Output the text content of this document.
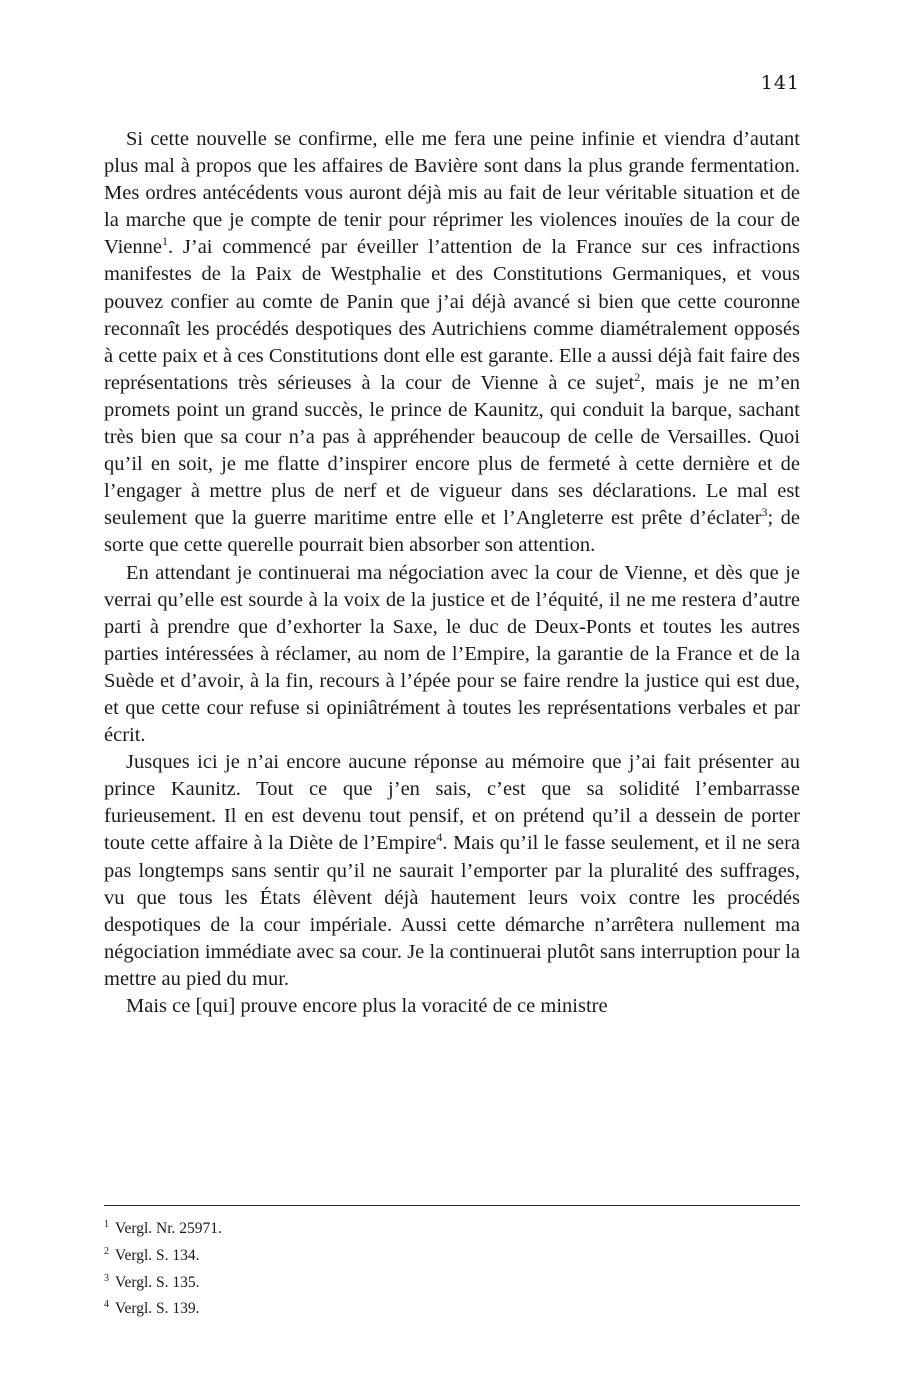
141

Si cette nouvelle se confirme, elle me fera une peine infinie et viendra d’autant plus mal à propos que les affaires de Bavière sont dans la plus grande fermentation. Mes ordres antécédents vous auront déjà mis au fait de leur véritable situation et de la marche que je compte de tenir pour réprimer les violences inouïes de la cour de Vienne$^1$. J’ai commencé par éveiller l’attention de la France sur ces infractions manifestes de la Paix de Westphalie et des Constitutions Germaniques, et vous pouvez confier au comte de Panin que j’ai déjà avancé si bien que cette couronne reconnaît les procédés despotiques des Autrichiens comme diamétralement opposés à cette paix et à ces Constitutions dont elle est garante. Elle a aussi déjà fait faire des représentations très sérieuses à la cour de Vienne à ce sujet$^2$, mais je ne m’en promets point un grand succès, le prince de Kaunitz, qui conduit la barque, sachant très bien que sa cour n’a pas à appréhender beaucoup de celle de Versailles. Quoi qu’il en soit, je me flatte d’inspirer encore plus de fermeté à cette dernière et de l’engager à mettre plus de nerf et de vigueur dans ses déclarations. Le mal est seulement que la guerre maritime entre elle et l’Angleterre est prête d’éclater$^3$; de sorte que cette querelle pourrait bien absorber son attention.

En attendant je continuerai ma négociation avec la cour de Vienne, et dès que je verrai qu’elle est sourde à la voix de la justice et de l’équité, il ne me restera d’autre parti à prendre que d’exhorter la Saxe, le duc de Deux-Ponts et toutes les autres parties intéressées à réclamer, au nom de l’Empire, la garantie de la France et de la Suède et d’avoir, à la fin, recours à l’épée pour se faire rendre la justice qui est due, et que cette cour refuse si opiniâtrément à toutes les représentations verbales et par écrit.

Jusques ici je n’ai encore aucune réponse au mémoire que j’ai fait présenter au prince Kaunitz. Tout ce que j’en sais, c’est que sa solidité l’embarrasse furieusement. Il en est devenu tout pensif, et on prétend qu’il a dessein de porter toute cette affaire à la Diète de l’Empire$^4$. Mais qu’il le fasse seulement, et il ne sera pas longtemps sans sentir qu’il ne saurait l’emporter par la pluralité des suffrages, vu que tous les États élèvent déjà hautement leurs voix contre les procédés despotiques de la cour impériale. Aussi cette démarche n’arrêtera nullement ma négociation immédiate avec sa cour. Je la continuerai plutôt sans interruption pour la mettre au pied du mur.

Mais ce [qui] prouve encore plus la voracité de ce ministre

$^1$ Vergl. Nr. 25971.
$^2$ Vergl. S. 134.
$^3$ Vergl. S. 135.
$^4$ Vergl. S. 139.
